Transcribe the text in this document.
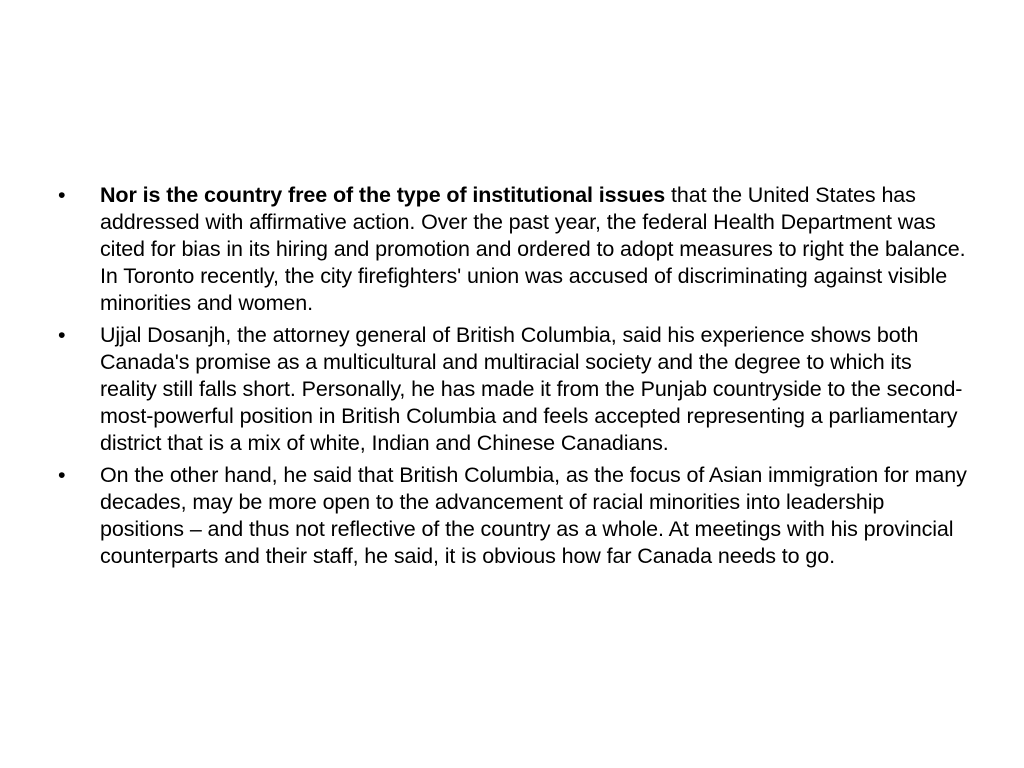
•	Nor is the country free of the type of institutional issues that the United States has addressed with affirmative action. Over the past year, the federal Health Department was cited for bias in its hiring and promotion and ordered to adopt measures to right the balance. In Toronto recently, the city firefighters' union was accused of discriminating against visible minorities and women.
•	Ujjal Dosanjh, the attorney general of British Columbia, said his experience shows both Canada's promise as a multicultural and multiracial society and the degree to which its reality still falls short. Personally, he has made it from the Punjab countryside to the second-most-powerful position in British Columbia and feels accepted representing a parliamentary district that is a mix of white, Indian and Chinese Canadians.
•	On the other hand, he said that British Columbia, as the focus of Asian immigration for many decades, may be more open to the advancement of racial minorities into leadership positions – and thus not reflective of the country as a whole. At meetings with his provincial counterparts and their staff, he said, it is obvious how far Canada needs to go.
